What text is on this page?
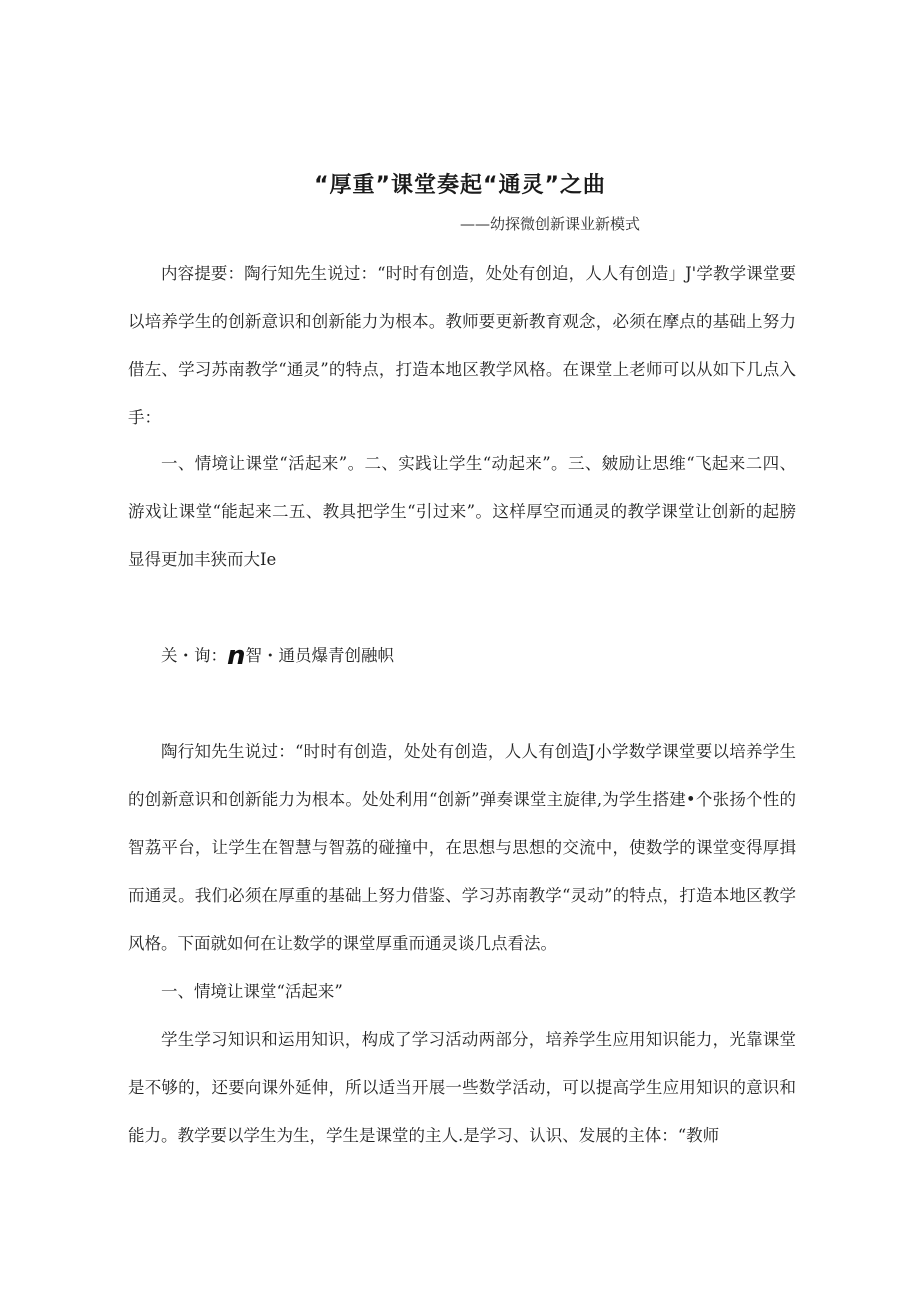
“厚重”课堂奏起“通灵”之曲
——幼探微创新课业新模式

内容提要：陶行知先生说过：“时时有创造，处处有创迫，人人有创造」J'学教学课堂要以培养学生的创新意识和创新能力为根本。教师要更新教育观念，必须在摩点的基础上努力借左、学习苏南教学“通灵”的特点，打造本地区教学风格。在课堂上老师可以从如下几点入手：

一、情境让课堂“活起来”。二、实践让学生“动起来”。三、皴励让思维“飞起来二四、游戏让课堂“能起来二五、教具把学生“引过来”。这样厚空而通灵的教学课堂让创新的起膀显得更加丰狭而大Ie

关・询：n智・通员爆青创融帜

陶行知先生说过：“时时有创造，处处有创造，人人有创造J小学数学课堂要以培养学生的创新意识和创新能力为根本。处处利用“创新”弹奏课堂主旋律,为学生搭建•个张扬个性的智荔平台，让学生在智慧与智荔的碰撞中，在思想与思想的交流中，使数学的课堂变得厚揖而通灵。我们必须在厚重的基础上努力借鉴、学习苏南教学“灵动”的特点，打造本地区教学风格。下面就如何在让数学的课堂厚重而通灵谈几点看法。

一、情境让课堂“活起来”

学生学习知识和运用知识，构成了学习活动两部分，培养学生应用知识能力，光靠课堂是不够的，还要向课外延伸，所以适当开展一些数学活动，可以提高学生应用知识的意识和能力。教学要以学生为生，学生是课堂的主人.是学习、认识、发展的主体：“教师
